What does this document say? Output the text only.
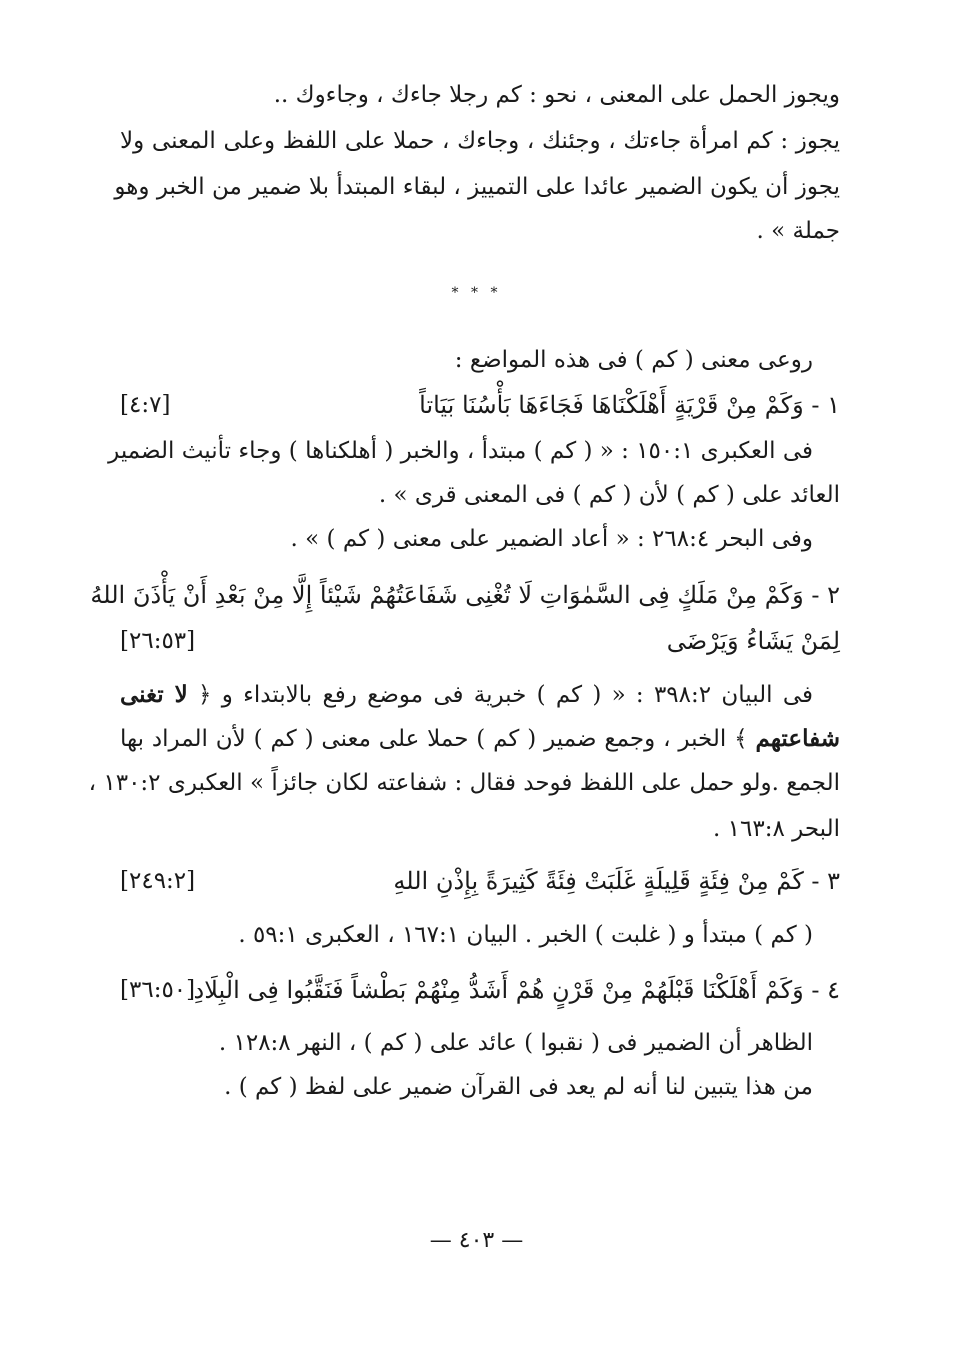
ويجوز الحمل على المعنى ، نحو : كم رجلا جاءك ، وجاءوك ..
يجوز : كم امرأة جاءتك ، وجئنك ، وجاءك ، حملا على اللفظ وعلى المعنى ولا
يجوز أن يكون الضمير عائدا على التمييز ، لبقاء المبتدأ بلا ضمير من الخبر وهو
جملة » .
* * *
روعى معنى ( كم ) فى هذه المواضع :
١ - وَكَمْ مِنْ قَرْيَةٍ أَهْلَكْنَاهَا فَجَاءَهَا بَأْسُنَا بَيَاتاً
[٤:٧]
فى العكبرى ١٥٠:١ : « ( كم ) مبتدأ ، والخبر ( أهلكناها ) وجاء تأنيث الضمير
العائد على ( كم ) لأن ( كم ) فى المعنى قرى » .
وفى البحر ٢٦٨:٤ : « أعاد الضمير على معنى ( كم ) » .
٢ - وَكَمْ مِنْ مَلَكٍ فِى السَّمٰوَاتِ لَا تُغْنِى شَفَاعَتُهُمْ شَيْئاً إِلَّا مِنْ بَعْدِ أَنْ يَأْذَنَ اللهُ
لِمَنْ يَشَاءُ وَيَرْضَى
[٢٦:٥٣]
فى البيان ٣٩٨:٢ : « ( كم ) خبرية فى موضع رفع بالابتداء و ﴿ لا تغنى
شفاعتهم ﴾ الخبر ، وجمع ضمير ( كم ) حملا على معنى ( كم ) لأن المراد بها
الجمع .ولو حمل على اللفظ فوحد فقال : شفاعته لكان جائزاً » العكبرى ١٣٠:٢ ،
البحر ١٦٣:٨ .
٣ - كَمْ مِنْ فِئَةٍ قَلِيلَةٍ غَلَبَتْ فِئَةً كَثِيرَةً بِإِذْنِ اللهِ
[٢٤٩:٢]
( كم ) مبتدأ و ( غلبت ) الخبر . البيان ١٦٧:١ ، العكبرى ٥٩:١ .
٤ - وَكَمْ أَهْلَكْنَا قَبْلَهُمْ مِنْ قَرْنٍ هُمْ أَشَدُّ مِنْهُمْ بَطْشاً فَنَقَّبُوا فِى الْبِلَادِ
[٣٦:٥٠]
الظاهر أن الضمير فى ( نقبوا ) عائد على ( كم ) ، النهر ١٢٨:٨ .
من هذا يتبين لنا أنه لم يعد فى القرآن ضمير على لفظ ( كم ) .
— ٤٠٣ —
